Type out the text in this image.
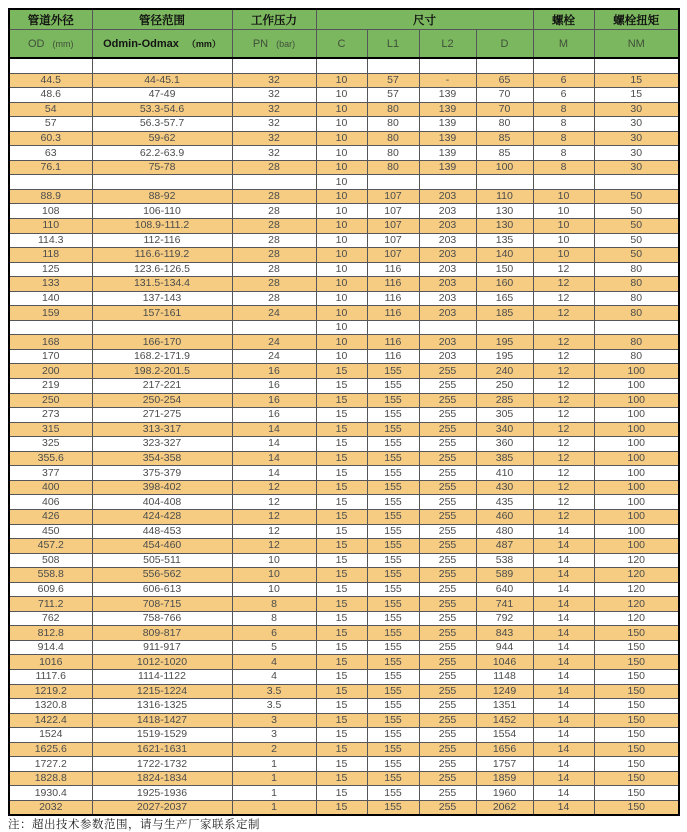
管道外径	管径范围	工作压力	尺寸				螺栓	螺栓扭矩
OD (mm)	Odmin-Odmax （mm）	PN (bar)	C	L1	L2	D	M	NM

44.5	44-45.1	32	10	57	-	65	6	15
48.6	47-49	32	10	57	139	70	6	15
54	53.3-54.6	32	10	80	139	70	8	30
57	56.3-57.7	32	10	80	139	80	8	30
60.3	59-62	32	10	80	139	85	8	30
63	62.2-63.9	32	10	80	139	85	8	30
76.1	75-78	28	10	80	139	100	8	30
			10					
88.9	88-92	28	10	107	203	110	10	50
108	106-110	28	10	107	203	130	10	50
110	108.9-111.2	28	10	107	203	130	10	50
114.3	112-116	28	10	107	203	135	10	50
118	116.6-119.2	28	10	107	203	140	10	50
125	123.6-126.5	28	10	116	203	150	12	80
133	131.5-134.4	28	10	116	203	160	12	80
140	137-143	28	10	116	203	165	12	80
159	157-161	24	10	116	203	185	12	80
			10					
168	166-170	24	10	116	203	195	12	80
170	168.2-171.9	24	10	116	203	195	12	80
200	198.2-201.5	16	15	155	255	240	12	100
219	217-221	16	15	155	255	250	12	100
250	250-254	16	15	155	255	285	12	100
273	271-275	16	15	155	255	305	12	100
315	313-317	14	15	155	255	340	12	100
325	323-327	14	15	155	255	360	12	100
355.6	354-358	14	15	155	255	385	12	100
377	375-379	14	15	155	255	410	12	100
400	398-402	12	15	155	255	430	12	100
406	404-408	12	15	155	255	435	12	100
426	424-428	12	15	155	255	460	12	100
450	448-453	12	15	155	255	480	14	100
457.2	454-460	12	15	155	255	487	14	100
508	505-511	10	15	155	255	538	14	120
558.8	556-562	10	15	155	255	589	14	120
609.6	606-613	10	15	155	255	640	14	120
711.2	708-715	8	15	155	255	741	14	120
762	758-766	8	15	155	255	792	14	120
812.8	809-817	6	15	155	255	843	14	150
914.4	911-917	5	15	155	255	944	14	150
1016	1012-1020	4	15	155	255	1046	14	150
1117.6	1114-1122	4	15	155	255	1148	14	150
1219.2	1215-1224	3.5	15	155	255	1249	14	150
1320.8	1316-1325	3.5	15	155	255	1351	14	150
1422.4	1418-1427	3	15	155	255	1452	14	150
1524	1519-1529	3	15	155	255	1554	14	150
1625.6	1621-1631	2	15	155	255	1656	14	150
1727.2	1722-1732	1	15	155	255	1757	14	150
1828.8	1824-1834	1	15	155	255	1859	14	150
1930.4	1925-1936	1	15	155	255	1960	14	150
2032	2027-2037	1	15	155	255	2062	14	150
注：超出技术参数范围，请与生产厂家联系定制
